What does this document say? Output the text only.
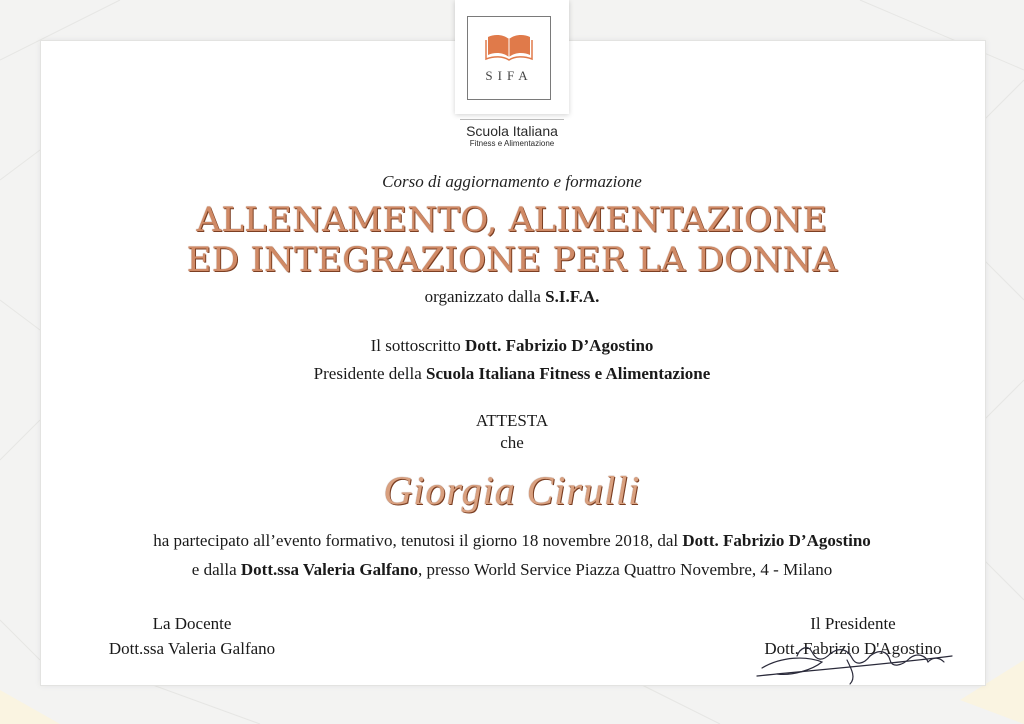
SIFA
Scuola Italiana
Fitness e Alimentazione
Corso di aggiornamento e formazione
ALLENAMENTO, ALIMENTAZIONE
ED INTEGRAZIONE PER LA DONNA
organizzato dalla S.I.F.A.
Il sottoscritto Dott. Fabrizio D’Agostino
Presidente della Scuola Italiana Fitness e Alimentazione
ATTESTA
che
Giorgia Cirulli
ha partecipato all’evento formativo, tenutosi il giorno 18 novembre 2018, dal Dott. Fabrizio D’Agostino
e dalla Dott.ssa Valeria Galfano, presso World Service Piazza Quattro Novembre, 4 - Milano
La Docente
Dott.ssa Valeria Galfano
Il Presidente
Dott. Fabrizio D'Agostino
